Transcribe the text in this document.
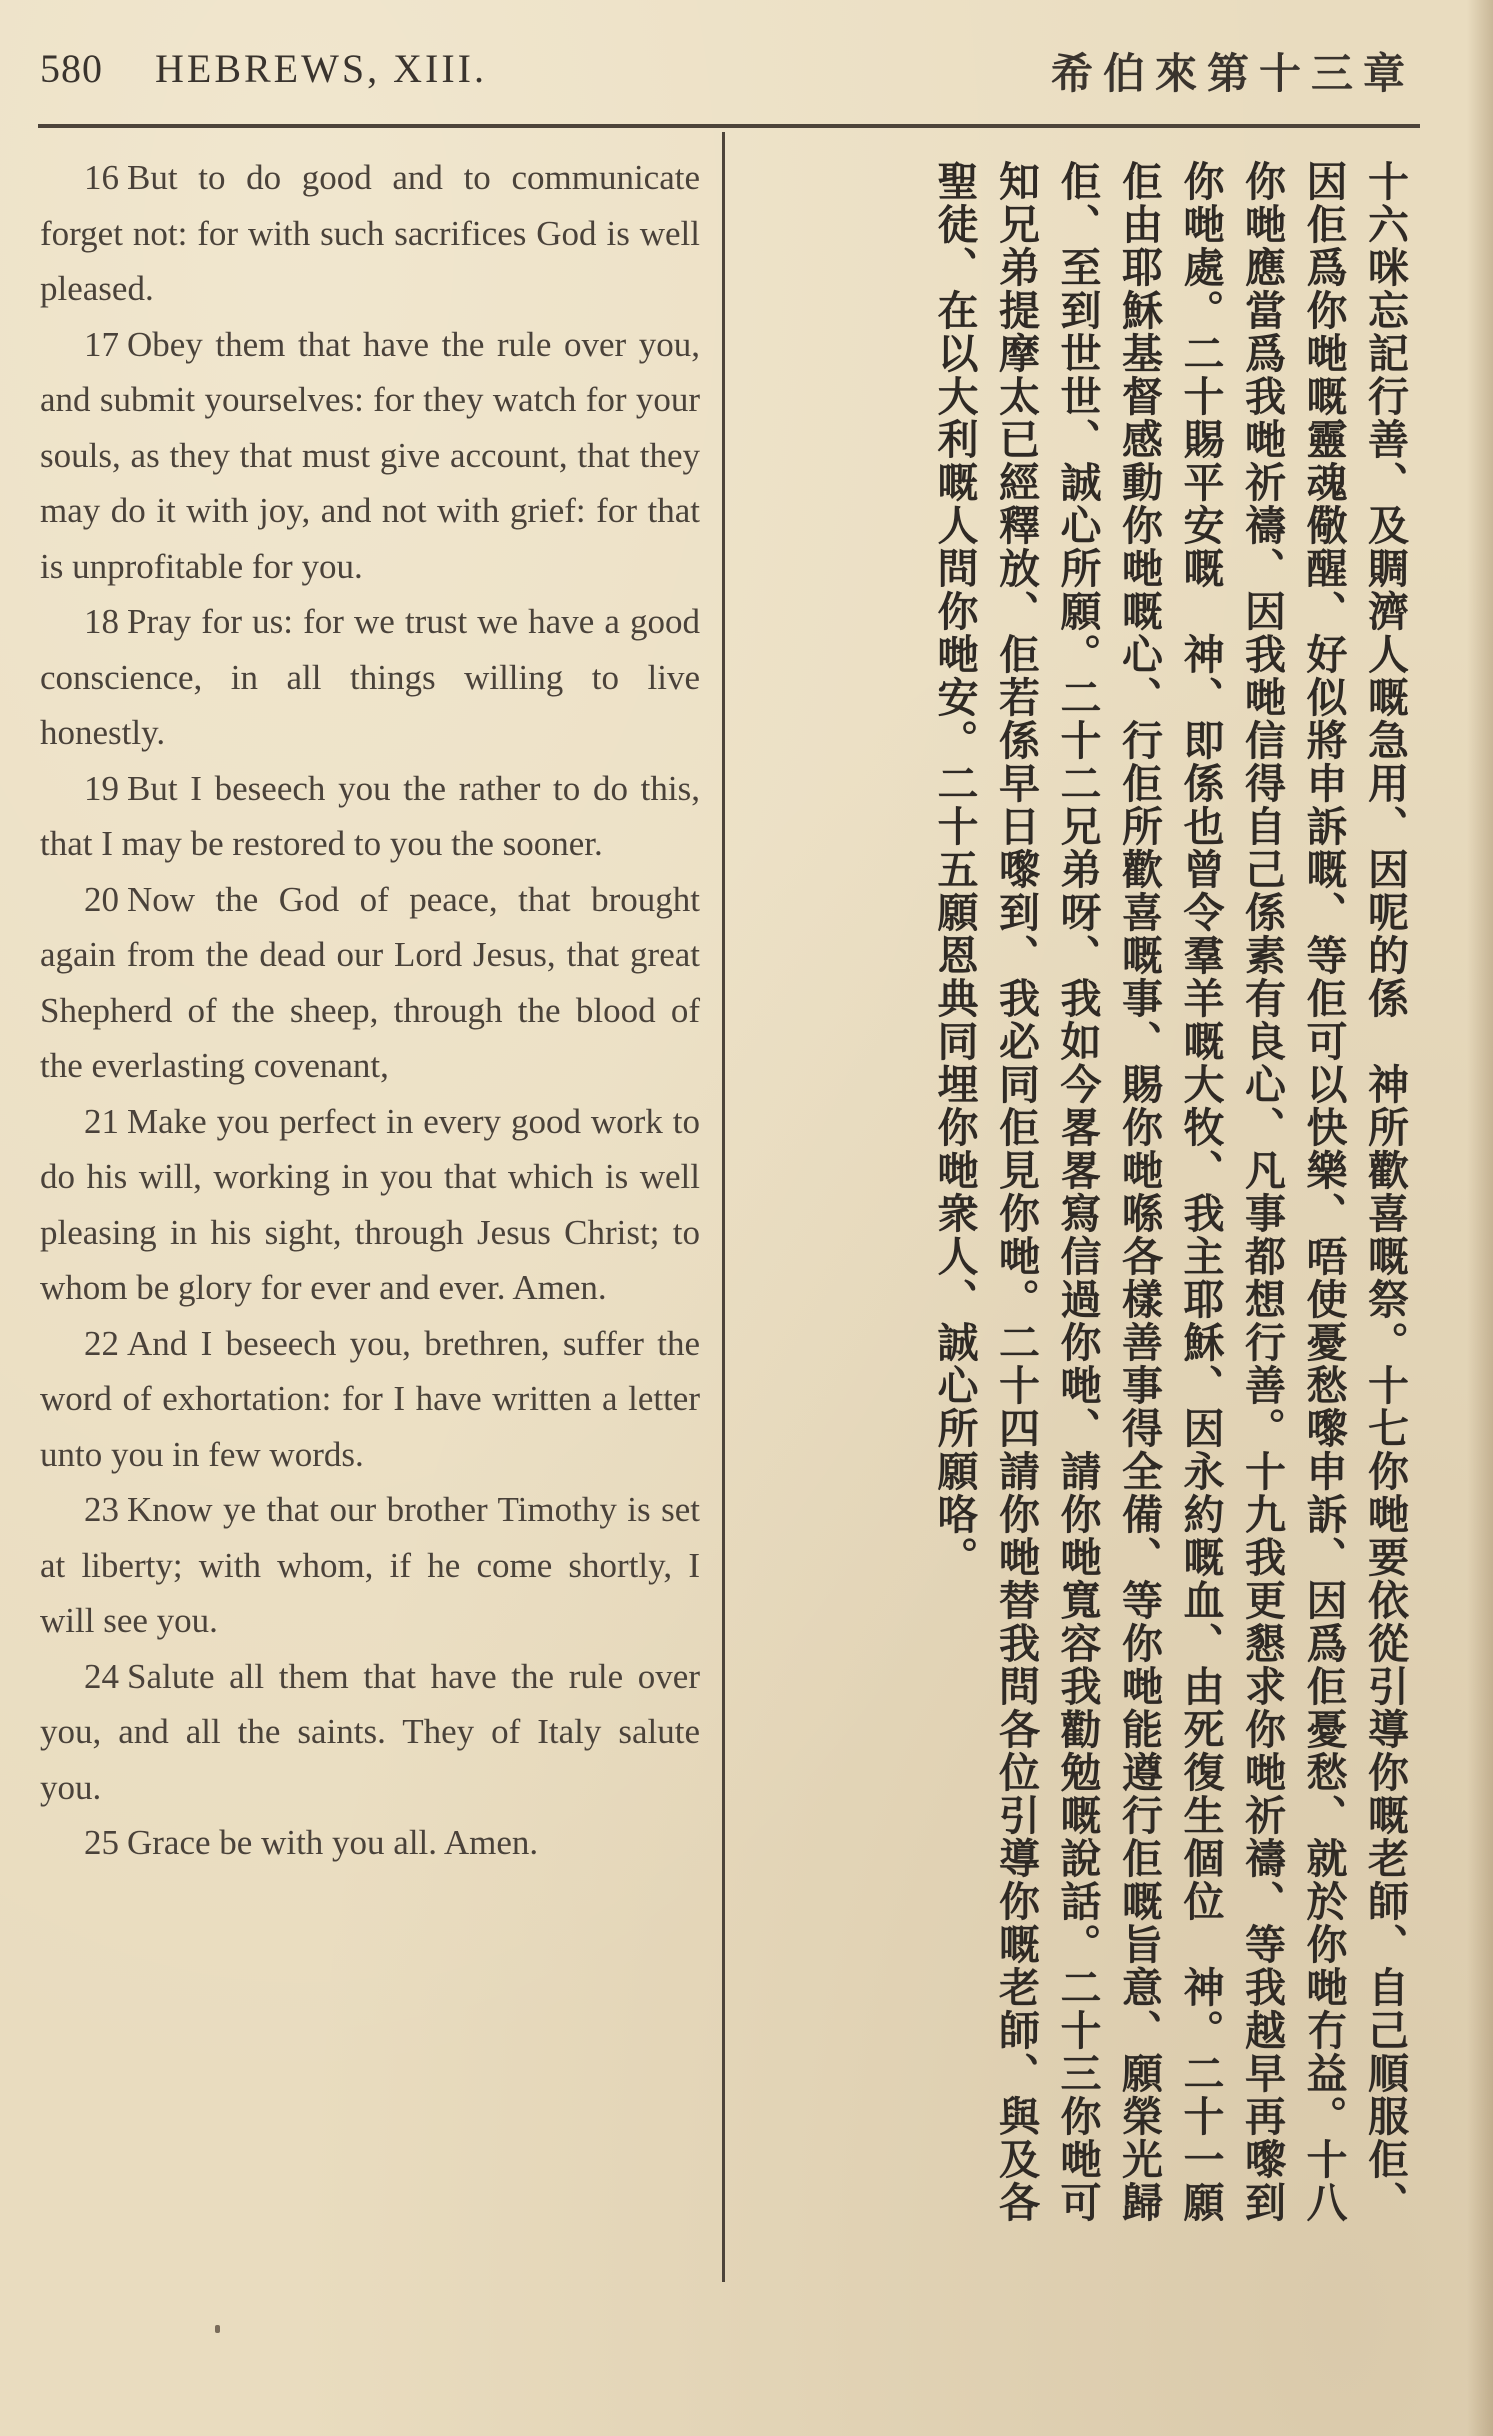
580 HEBREWS, XIII.	希伯來第十三章

16 But to do good and to communicate forget not: for with such sacrifices God is well pleased.

17 Obey them that have the rule over you, and submit yourselves: for they watch for your souls, as they that must give account, that they may do it with joy, and not with grief: for that is unprofitable for you.

18 Pray for us: for we trust we have a good conscience, in all things willing to live honestly.

19 But I beseech you the rather to do this, that I may be restored to you the sooner.

20 Now the God of peace, that brought again from the dead our Lord Jesus, that great Shepherd of the sheep, through the blood of the everlasting covenant,

21 Make you perfect in every good work to do his will, working in you that which is well pleasing in his sight, through Jesus Christ; to whom be glory for ever and ever. Amen.

22 And I beseech you, brethren, suffer the word of exhortation: for I have written a letter unto you in few words.

23 Know ye that our brother Timothy is set at liberty; with whom, if he come shortly, I will see you.

24 Salute all them that have the rule over you, and all the saints. They of Italy salute you.

25 Grace be with you all. Amen.	十六咪忘記行善、及賙濟人嘅急用、因呢的係　神所歡喜嘅祭。十七你哋要依從引導你嘅老師、自己順服佢、因佢爲你哋嘅靈魂儆醒、好似將申訴嘅、等佢可以快樂、唔使憂愁嚟申訴、因爲佢憂愁、就於你哋冇益。十八你哋應當爲我哋祈禱、因我哋信得自己係素有良心、凡事都想行善。十九我更懇求你哋祈禱、等我越早再嚟到你哋處。二十賜平安嘅　神、即係也曾令羣羊嘅大牧、我主耶穌、因永約嘅血、由死復生個位　神。二十一願佢由耶穌基督感動你哋嘅心、行佢所歡喜嘅事、賜你哋喺各樣善事得全備、等你哋能遵行佢嘅旨意、願榮光歸佢、至到世世、誠心所願。二十二兄弟呀、我如今畧畧寫信過你哋、請你哋寬容我勸勉嘅說話。二十三你哋可知兄弟提摩太已經釋放、佢若係早日嚟到、我必同佢見你哋。二十四請你哋替我問各位引導你嘅老師、與及各聖徒、在以大利嘅人問你哋安。二十五願恩典同埋你哋衆人、誠心所願咯。
